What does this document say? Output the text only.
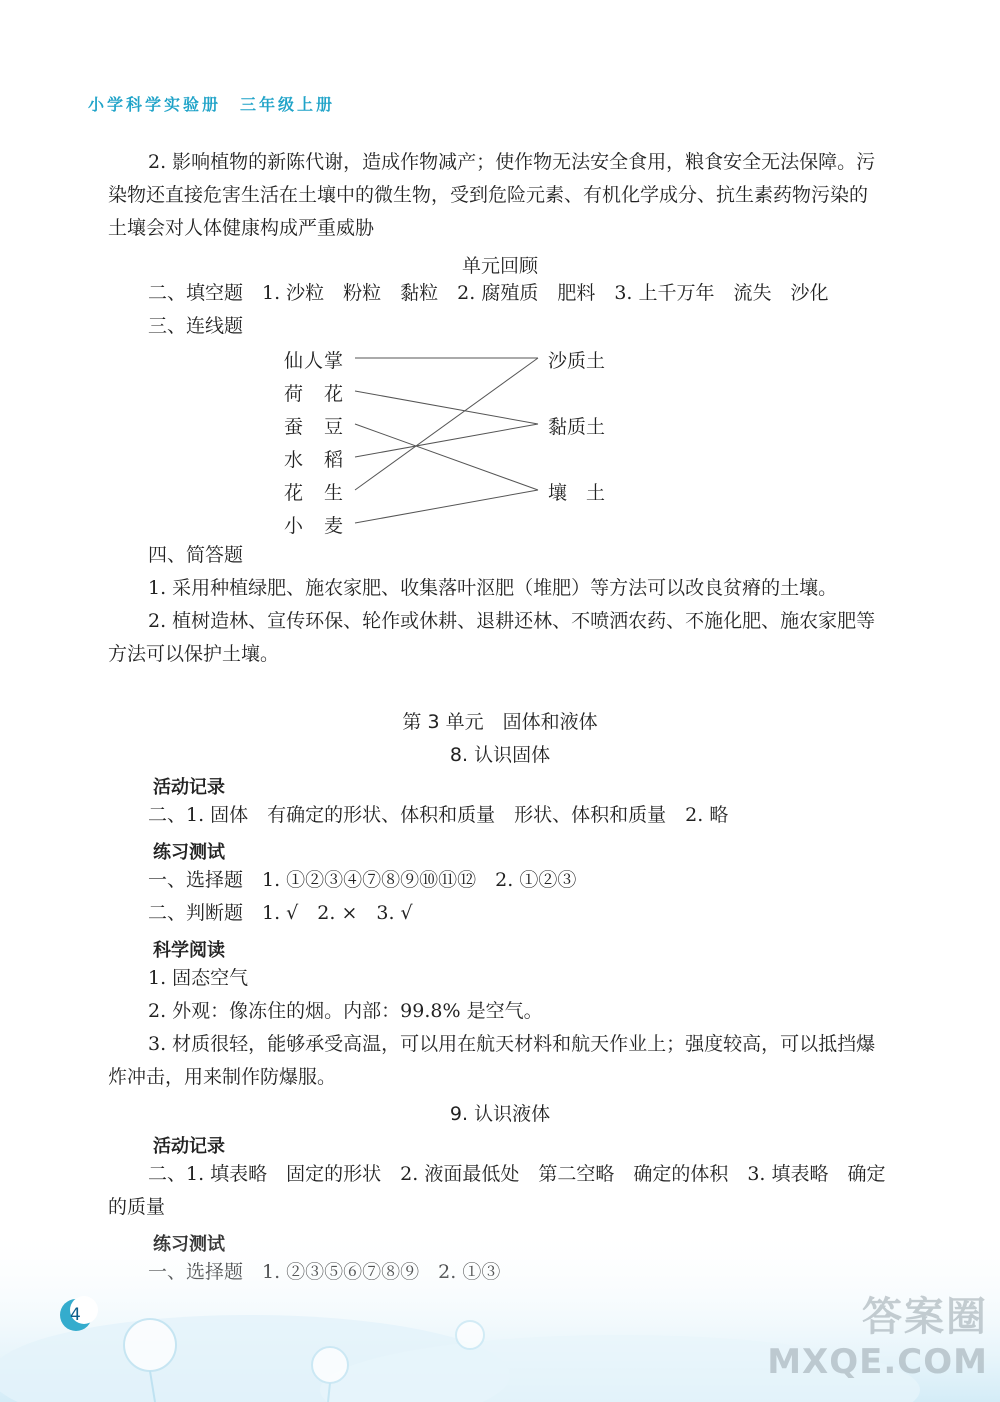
小学科学实验册　三年级上册
2. 影响植物的新陈代谢，造成作物减产；使作物无法安全食用，粮食安全无法保障。污
染物还直接危害生活在土壤中的微生物，受到危险元素、有机化学成分、抗生素药物污染的
土壤会对人体健康构成严重威胁
单元回顾
二、填空题　1. 沙粒　粉粒　黏粒　2. 腐殖质　肥料　3. 上千万年　流失　沙化
三、连线题
仙人掌
荷　花
蚕　豆
水　稻
花　生
小　麦
沙质土
黏质土
壤　土
四、简答题
1. 采用种植绿肥、施农家肥、收集落叶沤肥（堆肥）等方法可以改良贫瘠的土壤。
2. 植树造林、宣传环保、轮作或休耕、退耕还林、不喷洒农药、不施化肥、施农家肥等
方法可以保护土壤。
第 3 单元　固体和液体
8. 认识固体
活动记录
二、1. 固体　有确定的形状、体积和质量　形状、体积和质量　2. 略
练习测试
一、选择题　1. ①②③④⑦⑧⑨⑩⑪⑫　2. ①②③
二、判断题　1. √　2. ×　3. √
科学阅读
1. 固态空气
2. 外观：像冻住的烟。内部：99.8% 是空气。
3. 材质很轻，能够承受高温，可以用在航天材料和航天作业上；强度较高，可以抵挡爆
炸冲击，用来制作防爆服。
9. 认识液体
活动记录
二、1. 填表略　固定的形状　2. 液面最低处　第二空略　确定的体积　3. 填表略　确定
的质量
4	答案圈
MXQE.COM
